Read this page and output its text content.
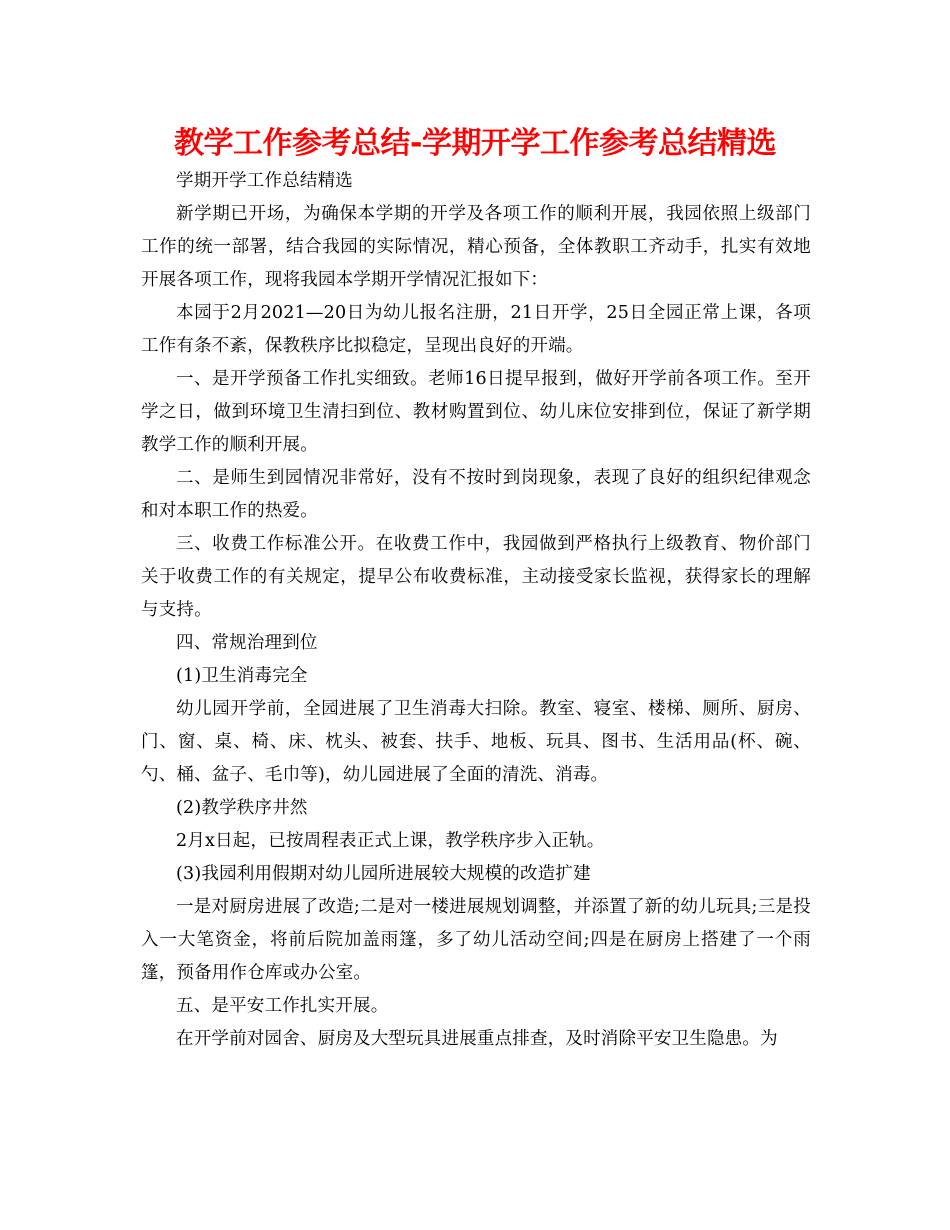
教学工作参考总结-学期开学工作参考总结精选

学期开学工作总结精选

新学期已开场，为确保本学期的开学及各项工作的顺利开展，我园依照上级部门工作的统一部署，结合我园的实际情况，精心预备，全体教职工齐动手，扎实有效地开展各项工作，现将我园本学期开学情况汇报如下：

本园于2月2021—20日为幼儿报名注册，21日开学，25日全园正常上课，各项工作有条不紊，保教秩序比拟稳定，呈现出良好的开端。

一、是开学预备工作扎实细致。老师16日提早报到，做好开学前各项工作。至开学之日，做到环境卫生清扫到位、教材购置到位、幼儿床位安排到位，保证了新学期教学工作的顺利开展。

二、是师生到园情况非常好，没有不按时到岗现象，表现了良好的组织纪律观念和对本职工作的热爱。

三、收费工作标准公开。在收费工作中，我园做到严格执行上级教育、物价部门关于收费工作的有关规定，提早公布收费标准，主动接受家长监视，获得家长的理解与支持。

四、常规治理到位

(1)卫生消毒完全

幼儿园开学前，全园进展了卫生消毒大扫除。教室、寝室、楼梯、厕所、厨房、门、窗、桌、椅、床、枕头、被套、扶手、地板、玩具、图书、生活用品(杯、碗、勺、桶、盆子、毛巾等)，幼儿园进展了全面的清洗、消毒。

(2)教学秩序井然

2月x日起，已按周程表正式上课，教学秩序步入正轨。

(3)我园利用假期对幼儿园所进展较大规模的改造扩建

一是对厨房进展了改造;二是对一楼进展规划调整，并添置了新的幼儿玩具;三是投入一大笔资金，将前后院加盖雨篷，多了幼儿活动空间;四是在厨房上搭建了一个雨篷，预备用作仓库或办公室。

五、是平安工作扎实开展。

在开学前对园舍、厨房及大型玩具进展重点排查，及时消除平安卫生隐患。为
